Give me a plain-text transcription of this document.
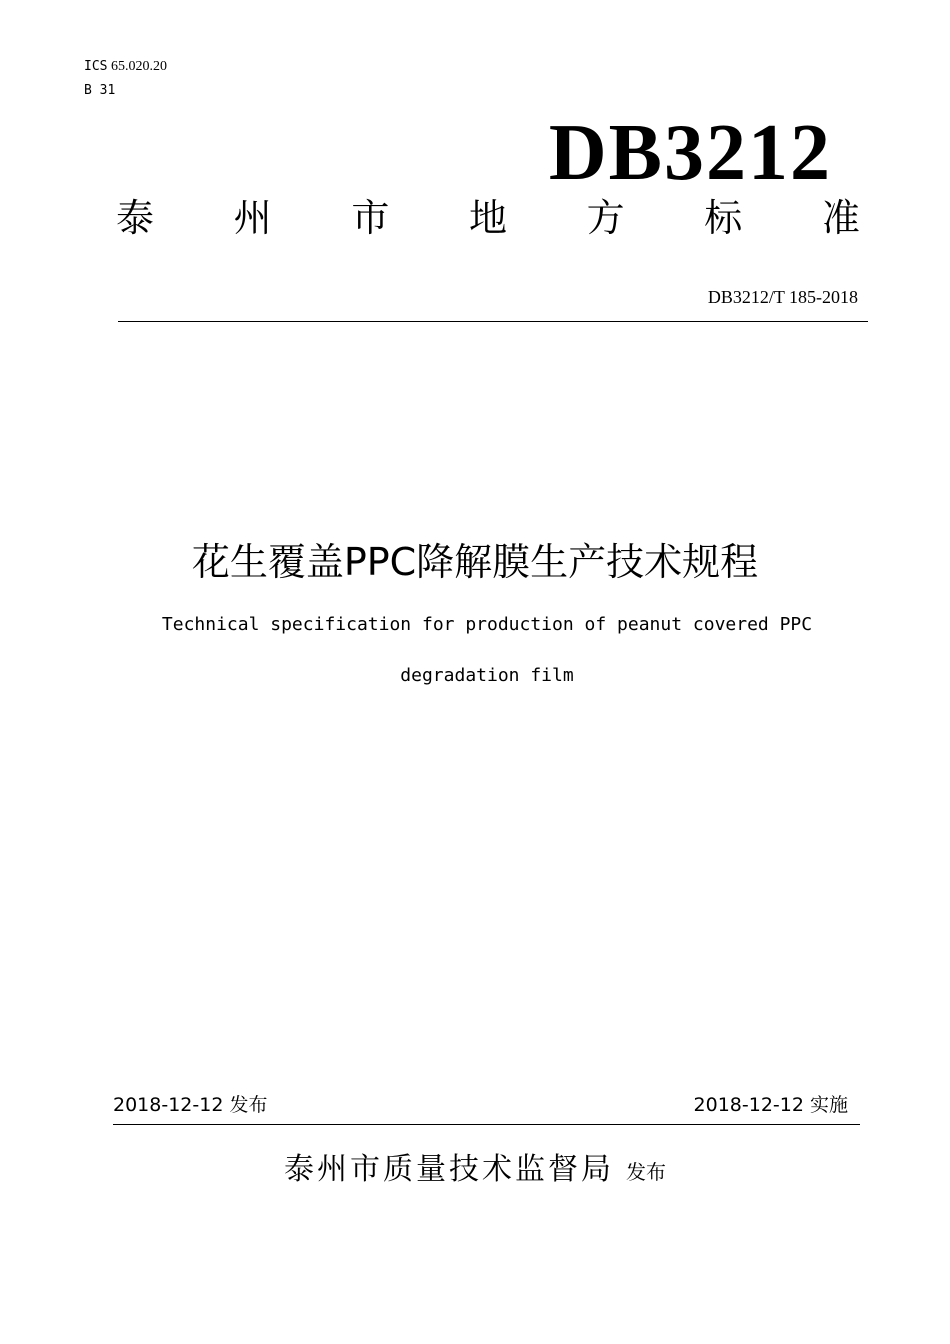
ICS 65.020.20
B 31
DB3212
泰 州 市 地 方 标 准
DB3212/T 185-2018
花生覆盖PPC降解膜生产技术规程
Technical specification for production of peanut covered PPC
degradation film
2018-12-12 发布	2018-12-12 实施
泰州市质量技术监督局 发布
